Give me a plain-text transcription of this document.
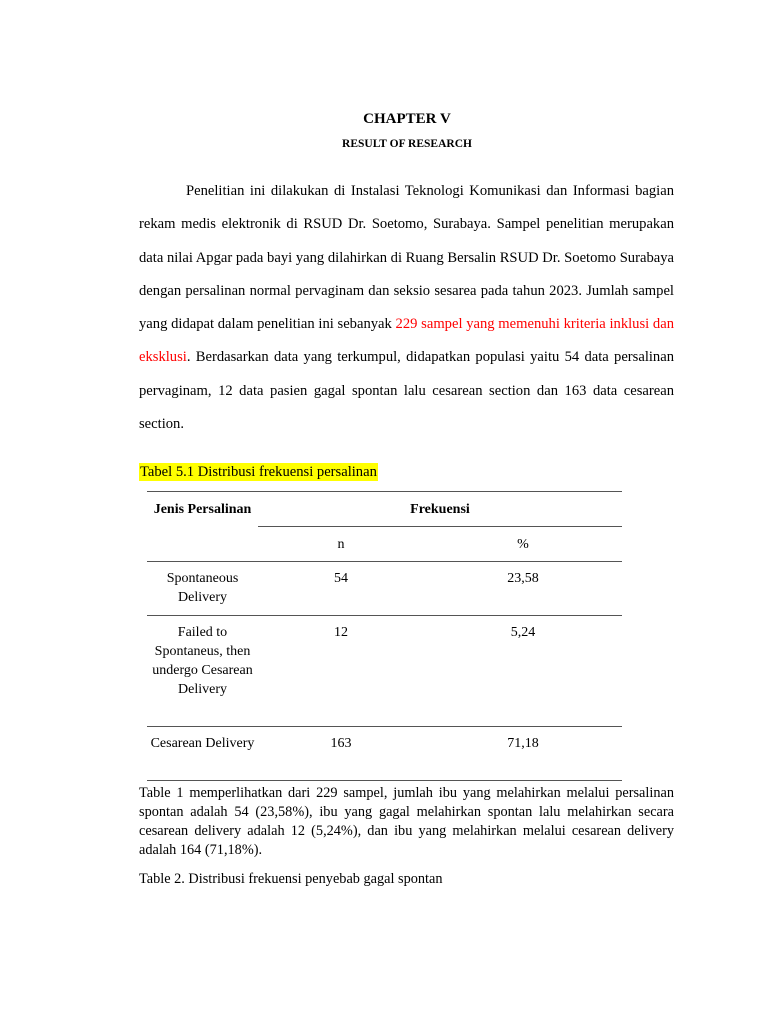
CHAPTER V
RESULT OF RESEARCH

Penelitian ini dilakukan di Instalasi Teknologi Komunikasi dan Informasi bagian rekam medis elektronik di RSUD Dr. Soetomo, Surabaya. Sampel penelitian merupakan data nilai Apgar pada bayi yang dilahirkan di Ruang Bersalin RSUD Dr. Soetomo Surabaya dengan persalinan normal pervaginam dan seksio sesarea pada tahun 2023. Jumlah sampel yang didapat dalam penelitian ini sebanyak 229 sampel yang memenuhi kriteria inklusi dan eksklusi. Berdasarkan data yang terkumpul, didapatkan populasi yaitu 54 data persalinan pervaginam, 12 data pasien gagal spontan lalu cesarean section dan 163 data cesarean section.

Tabel 5.1 Distribusi frekuensi persalinan
Jenis Persalinan	Frekuensi	
	n	%
Spontaneous Delivery	54	23,58
Failed to Spontaneus, then undergo Cesarean Delivery	12	5,24
Cesarean Delivery	163	71,18

Table 1 memperlihatkan dari 229 sampel, jumlah ibu yang melahirkan melalui persalinan spontan adalah 54 (23,58%), ibu yang gagal melahirkan spontan lalu melahirkan secara cesarean delivery adalah 12 (5,24%), dan ibu yang melahirkan melalui cesarean delivery adalah 164 (71,18%).

Table 2. Distribusi frekuensi penyebab gagal spontan
